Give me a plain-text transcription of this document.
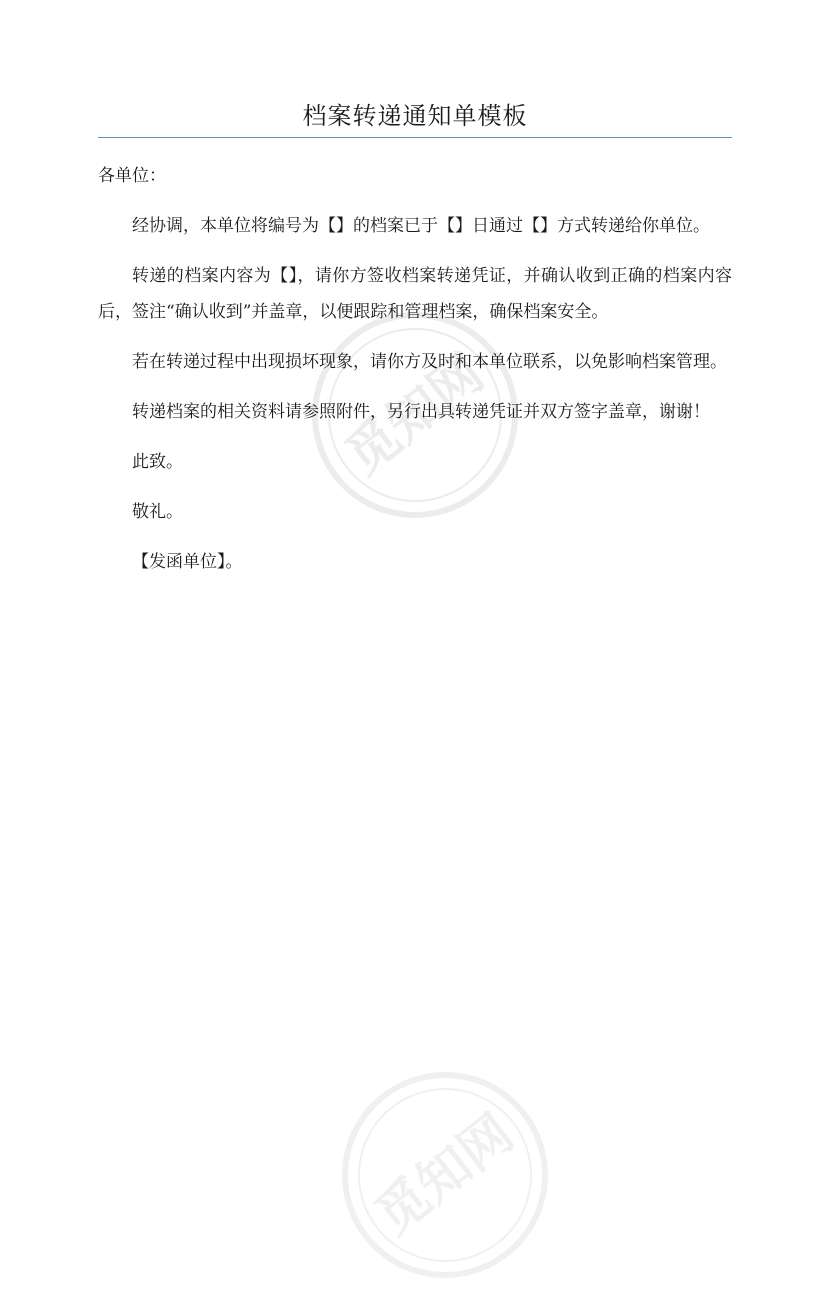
觅知网
觅知网
档案转递通知单模板

各单位：

经协调，本单位将编号为【】的档案已于【】日通过【】方式转递给你单位。

转递的档案内容为【】，请你方签收档案转递凭证，并确认收到正确的档案内容后，签注“确认收到”并盖章，以便跟踪和管理档案，确保档案安全。

若在转递过程中出现损坏现象，请你方及时和本单位联系，以免影响档案管理。

转递档案的相关资料请参照附件，另行出具转递凭证并双方签字盖章，谢谢！

此致。

敬礼。

【发函单位】。
